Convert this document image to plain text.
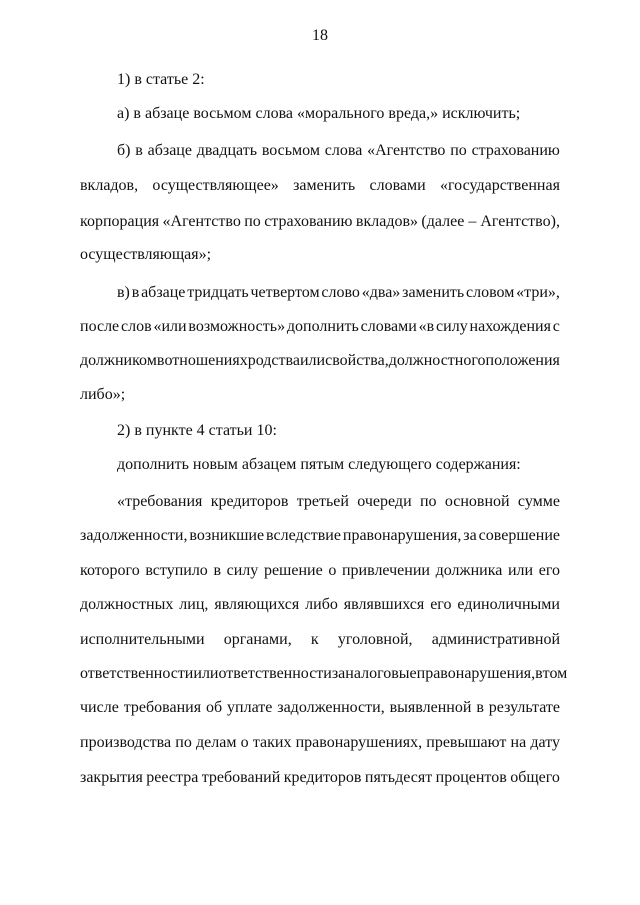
18
1) в статье 2:
а) в абзаце восьмом слова «морального вреда,» исключить;
б) в абзаце двадцать восьмом слова «Агентство по страхованию
вкладов, осуществляющее» заменить словами «государственная
корпорация «Агентство по страхованию вкладов» (далее – Агентство),
осуществляющая»;
в) в абзаце тридцать четвертом слово «два» заменить словом «три»,
после слов «или возможность» дополнить словами «в силу нахождения с
должником в отношениях родства или свойства, должностного положения
либо»;
2) в пункте 4 статьи 10:
дополнить новым абзацем пятым следующего содержания:
«требования кредиторов третьей очереди по основной сумме
задолженности, возникшие вследствие правонарушения, за совершение
которого вступило в силу решение о привлечении должника или его
должностных лиц, являющихся либо являвшихся его единоличными
исполнительными органами, к уголовной, административной
ответственности или ответственности за налоговые правонарушения, в том
числе требования об уплате задолженности, выявленной в результате
производства по делам о таких правонарушениях, превышают на дату
закрытия реестра требований кредиторов пятьдесят процентов общего
